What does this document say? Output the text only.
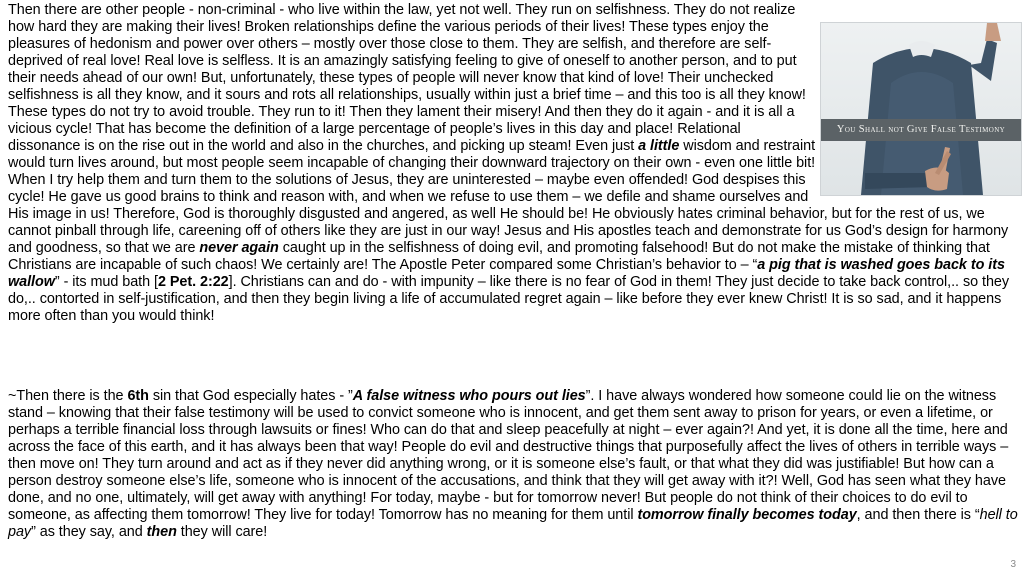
Then there are other people - non-criminal - who live within the law, yet not well. They run on selfishness. They do not realize how hard they are making their lives! Broken relationships define the various periods of their lives! These types enjoy the pleasures of hedonism and power over others – mostly over those close to them. They are selfish, and therefore are self-deprived of real love! Real love is selfless. It is an amazingly satisfying feeling to give of oneself to another person, and to put their needs ahead of our own! But, unfortunately, these types of people will never know that kind of love! Their unchecked selfishness is all they know, and it sours and rots all relationships, usually within just a brief time – and this too is all they know! These types do not try to avoid trouble. They run to it! Then they lament their misery! And then they do it again - and it is all a vicious cycle! That has become the definition of a large percentage of people’s lives in this day and place! Relational dissonance is on the rise out in the world and also in the churches, and picking up steam! Even just a little wisdom and restraint would turn lives around, but most people seem incapable of changing their downward trajectory on their own - even one little bit! When I try help them and turn them to the solutions of Jesus, they are uninterested – maybe even offended! God despises this cycle! He gave us good brains to think and reason with, and when we refuse to use them – we defile and shame ourselves and His image in us! Therefore, God is thoroughly disgusted and angered, as well He should be! He obviously hates criminal behavior, but for the rest of us, we cannot pinball through life, careening off of others like they are just in our way! Jesus and His apostles teach and demonstrate for us God’s design for harmony and goodness, so that we are never again caught up in the selfishness of doing evil, and promoting falsehood! But do not make the mistake of thinking that Christians are incapable of such chaos! We certainly are! The Apostle Peter compared some Christian’s behavior to – “a pig that is washed goes back to its wallow” - its mud bath [2 Pet. 2:22]. Christians can and do - with impunity – like there is no fear of God in them! They just decide to take back control,.. so they do,.. contorted in self-justification, and then they begin living a life of accumulated regret again – like before they ever knew Christ! It is so sad, and it happens more often than you would think!

~Then there is the 6th sin that God especially hates - ”A false witness who pours out lies”. I have always wondered how someone could lie on the witness stand – knowing that their false testimony will be used to convict someone who is innocent, and get them sent away to prison for years, or even a lifetime, or perhaps a terrible financial loss through lawsuits or fines! Who can do that and sleep peacefully at night – ever again?! And yet, it is done all the time, here and across the face of this earth, and it has always been that way! People do evil and destructive things that purposefully affect the lives of others in terrible ways – then move on! They turn around and act as if they never did anything wrong, or it is someone else’s fault, or that what they did was justifiable! But how can a person destroy someone else’s life, someone who is innocent of the accusations, and think that they will get away with it?! Well, God has seen what they have done, and no one, ultimately, will get away with anything! For today, maybe - but for tomorrow never! But people do not think of their choices to do evil to someone, as affecting them tomorrow! They live for today! Tomorrow has no meaning for them until tomorrow finally becomes today, and then there is “hell to pay” as they say, and then they will care!

You Shall not Give False Testimony
3
